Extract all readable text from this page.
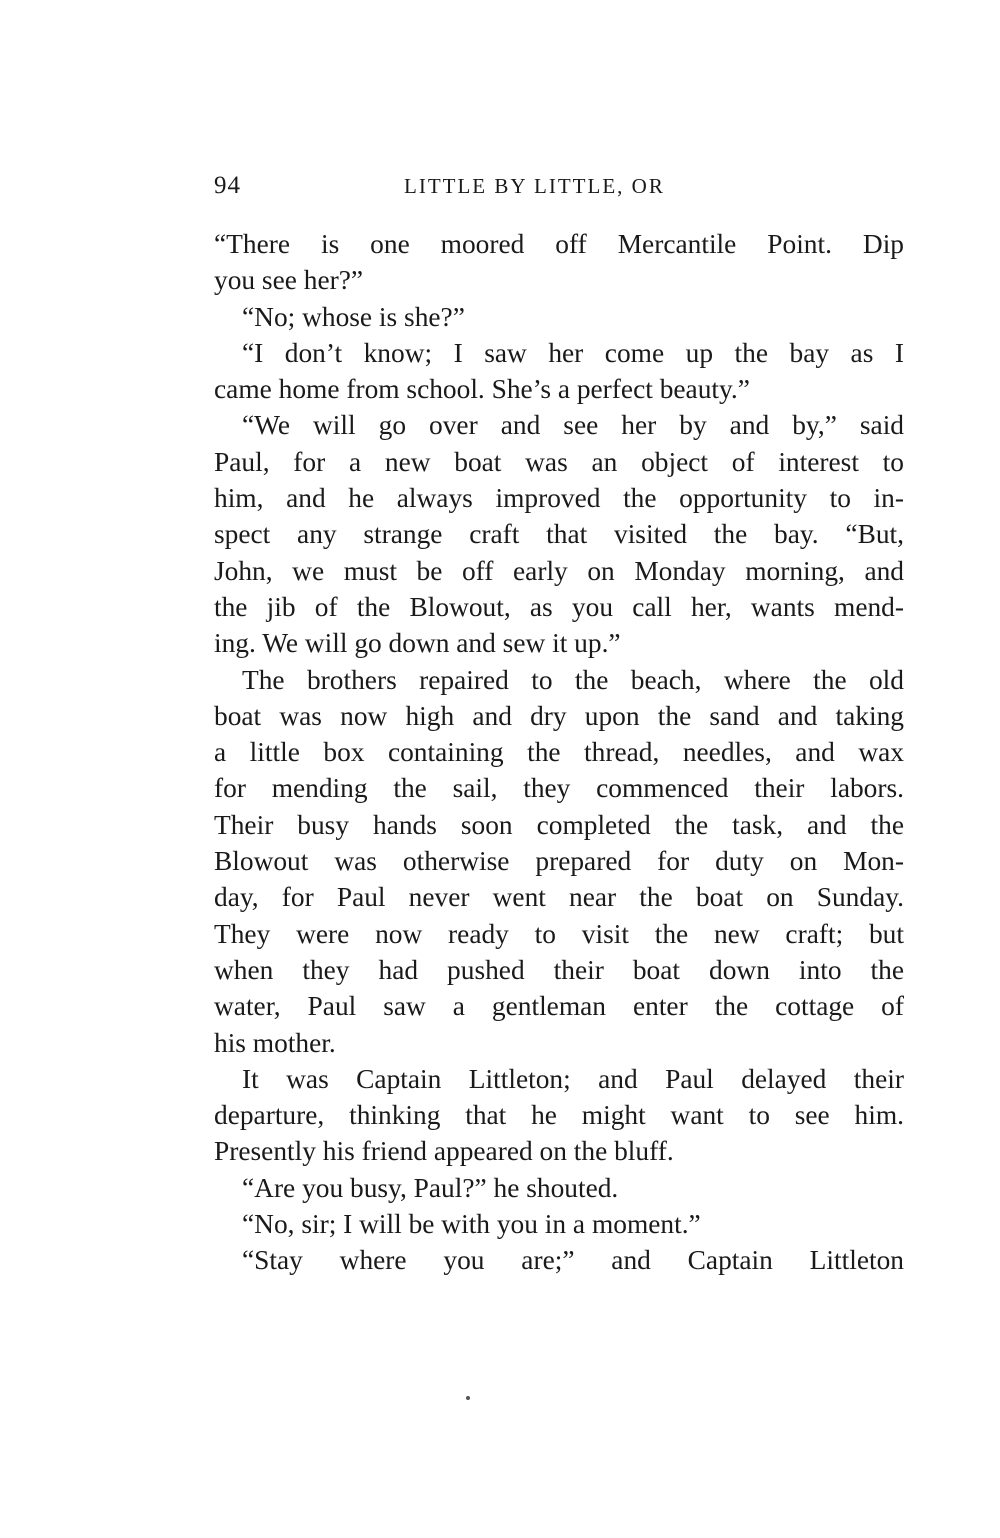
94	LITTLE BY LITTLE, OR
“There is one moored off Mercantile Point. Dip
you see her?”
“No; whose is she?”
“I don’t know; I saw her come up the bay as I
came home from school. She’s a perfect beauty.”
“We will go over and see her by and by,” said
Paul, for a new boat was an object of interest to
him, and he always improved the opportunity to in-
spect any strange craft that visited the bay. “But,
John, we must be off early on Monday morning, and
the jib of the Blowout, as you call her, wants mend-
ing. We will go down and sew it up.”
The brothers repaired to the beach, where the old
boat was now high and dry upon the sand and taking
a little box containing the thread, needles, and wax
for mending the sail, they commenced their labors.
Their busy hands soon completed the task, and the
Blowout was otherwise prepared for duty on Mon-
day, for Paul never went near the boat on Sunday.
They were now ready to visit the new craft; but
when they had pushed their boat down into the
water, Paul saw a gentleman enter the cottage of
his mother.
It was Captain Littleton; and Paul delayed their
departure, thinking that he might want to see him.
Presently his friend appeared on the bluff.
“Are you busy, Paul?” he shouted.
“No, sir; I will be with you in a moment.”
“Stay where you are;” and Captain Littleton
